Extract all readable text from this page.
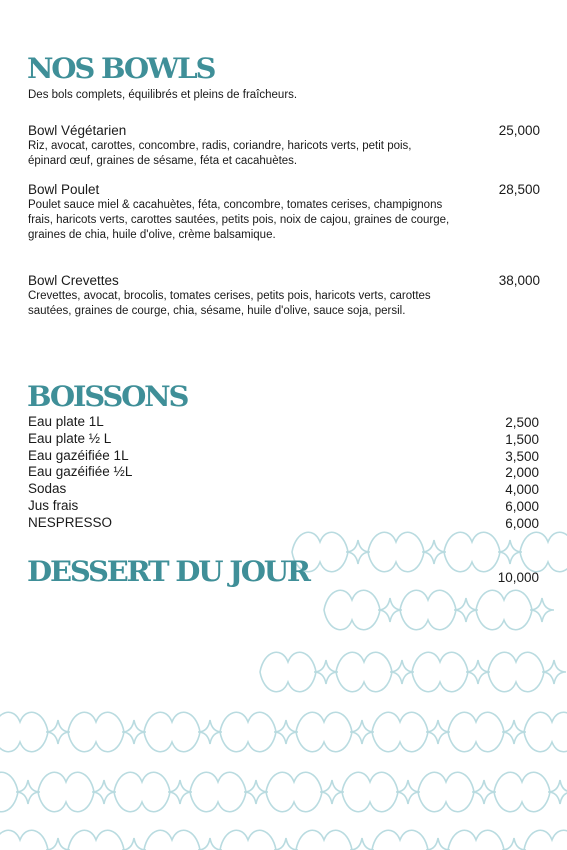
NOS BOWLS
Des bols complets, équilibrés et pleins de fraîcheurs.
Bowl Végétarien	25,000
Riz, avocat, carottes, concombre, radis, coriandre, haricots verts, petit pois, épinard œuf, graines de sésame, féta et cacahuètes.
Bowl Poulet	28,500
Poulet sauce miel & cacahuètes, féta, concombre, tomates cerises, champignons frais, haricots verts, carottes sautées, petits pois, noix de cajou, graines de courge, graines de chia, huile d'olive, crème balsamique.
Bowl Crevettes	38,000
Crevettes, avocat, brocolis, tomates cerises, petits pois, haricots verts, carottes sautées, graines de courge, chia, sésame, huile d'olive, sauce soja, persil.
BOISSONS
Eau plate 1L	2,500
Eau plate ½ L	1,500
Eau gazéifiée 1L	3,500
Eau gazéifiée ½L	2,000
Sodas	4,000
Jus frais	6,000
NESPRESSO	6,000
DESSERT DU JOUR	10,000
